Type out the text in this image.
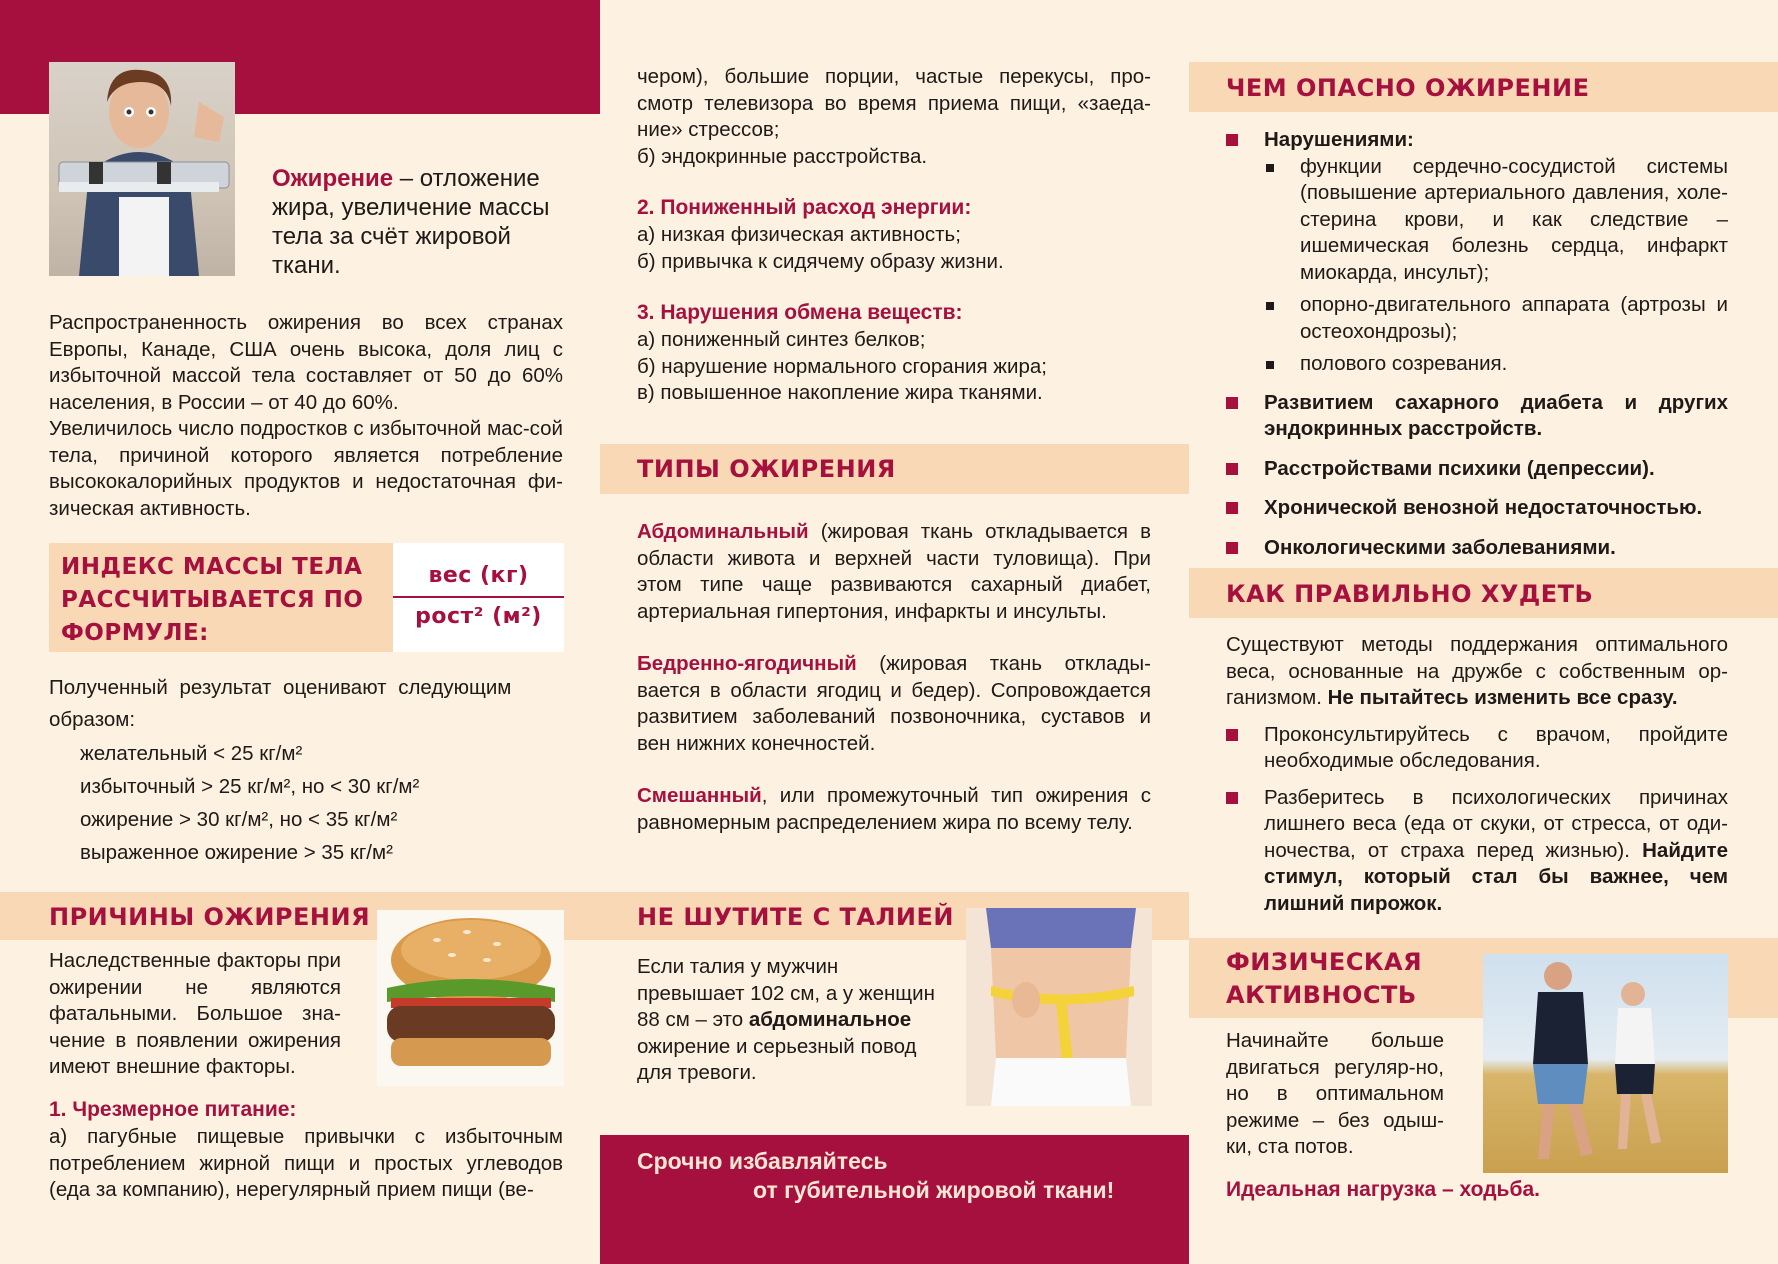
Ожирение – отложение жира, увеличение массы тела за счёт жировой ткани.
Распространенность ожирения во всех странах Европы, Канаде, США очень высока, доля лиц с избыточной массой тела составляет от 50 до 60% населения, в России – от 40 до 60%.
Увеличилось число подростков с избыточной мас-сой тела, причиной которого является потребление высококалорийных продуктов и недостаточная фи-зическая активность.
ИНДЕКС МАССЫ ТЕЛА РАССЧИТЫВАЕТСЯ ПО ФОРМУЛЕ:
вес (кг)
рост² (м²)
Полученный результат оценивают следующим образом:
желательный < 25 кг/м²
избыточный > 25 кг/м², но < 30 кг/м²
ожирение > 30 кг/м², но < 35 кг/м²
выраженное ожирение > 35 кг/м²
ПРИЧИНЫ ОЖИРЕНИЯ
Наследственные факторы при ожирении не являются фатальными. Большое зна-чение в появлении ожирения имеют внешние факторы.
1. Чрезмерное питание:
а) пагубные пищевые привычки с избыточным потреблением жирной пищи и простых углеводов (еда за компанию), нерегулярный прием пищи (ве-
чером), большие порции, частые перекусы, про-смотр телевизора во время приема пищи, «заеда-ние» стрессов;
б) эндокринные расстройства.
2. Пониженный расход энергии:
а) низкая физическая активность;
б) привычка к сидячему образу жизни.
3. Нарушения обмена веществ:
а) пониженный синтез белков;
б) нарушение нормального сгорания жира;
в) повышенное накопление жира тканями.
ТИПЫ ОЖИРЕНИЯ
Абдоминальный (жировая ткань откладывается в области живота и верхней части туловища). При этом типе чаще развиваются сахарный диабет, артериальная гипертония, инфаркты и инсульты.
Бедренно-ягодичный (жировая ткань отклады-вается в области ягодиц и бедер). Сопровождается развитием заболеваний позвоночника, суставов и вен нижних конечностей.
Смешанный, или промежуточный тип ожирения с равномерным распределением жира по всему телу.
НЕ ШУТИТЕ С ТАЛИЕЙ
Если талия у мужчин превышает 102 см, а у женщин 88 см – это абдоминальное ожирение и серьезный повод для тревоги.
Срочно избавляйтесь
от губительной жировой ткани!
ЧЕМ ОПАСНО ОЖИРЕНИЕ
Нарушениями:
функции сердечно-сосудистой системы (повышение артериального давления, холе-стерина крови, и как следствие – ишемическая болезнь сердца, инфаркт миокарда, инсульт);
опорно-двигательного аппарата (артрозы и остеохондрозы);
полового созревания.
Развитием сахарного диабета и других эндокринных расстройств.
Расстройствами психики (депрессии).
Хронической венозной недостаточностью.
Онкологическими заболеваниями.
КАК ПРАВИЛЬНО ХУДЕТЬ
Существуют методы поддержания оптимального веса, основанные на дружбе с собственным ор-ганизмом. Не пытайтесь изменить все сразу.
Проконсультируйтесь с врачом, пройдите необходимые обследования.
Разберитесь в психологических причинах лишнего веса (еда от скуки, от стресса, от оди-ночества, от страха перед жизнью). Найдите стимул, который стал бы важнее, чем лишний пирожок.
ФИЗИЧЕСКАЯ
АКТИВНОСТЬ
Начинайте больше двигаться регуляр-но, но в оптимальном режиме – без одыш-ки, ста потов.
Идеальная нагрузка – ходьба.
